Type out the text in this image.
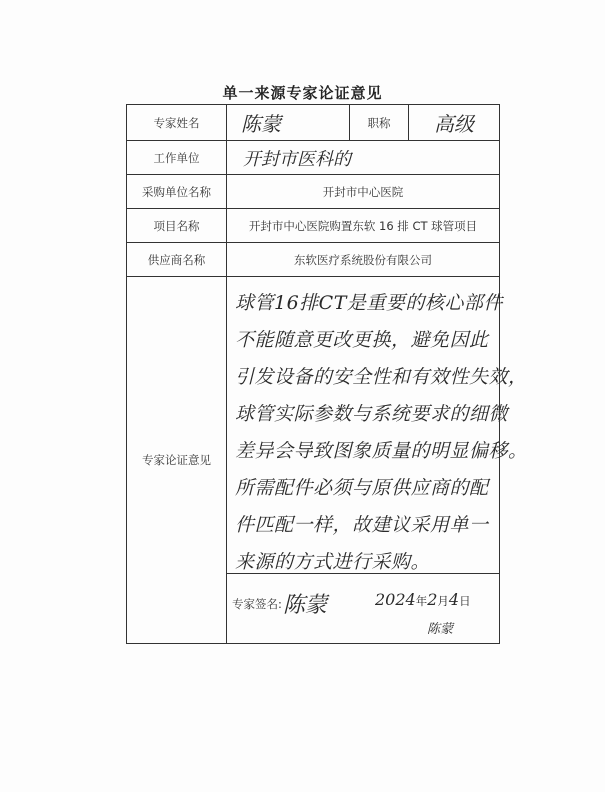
单一来源专家论证意见
专家姓名	陈蒙	职称	高级
工作单位	开封市医科的
采购单位名称	开封市中心医院
项目名称	开封市中心医院购置东软 16 排 CT 球管项目
供应商名称	东软医疗系统股份有限公司
专家论证意见
球管16排CT是重要的核心部件
不能随意更改更换，避免因此
引发设备的安全性和有效性失效，
球管实际参数与系统要求的细微
差异会导致图象质量的明显偏移。
所需配件必须与原供应商的配
件匹配一样，故建议采用单一
来源的方式进行采购。
专家签名: 陈蒙	2024年2月4日
陈蒙
